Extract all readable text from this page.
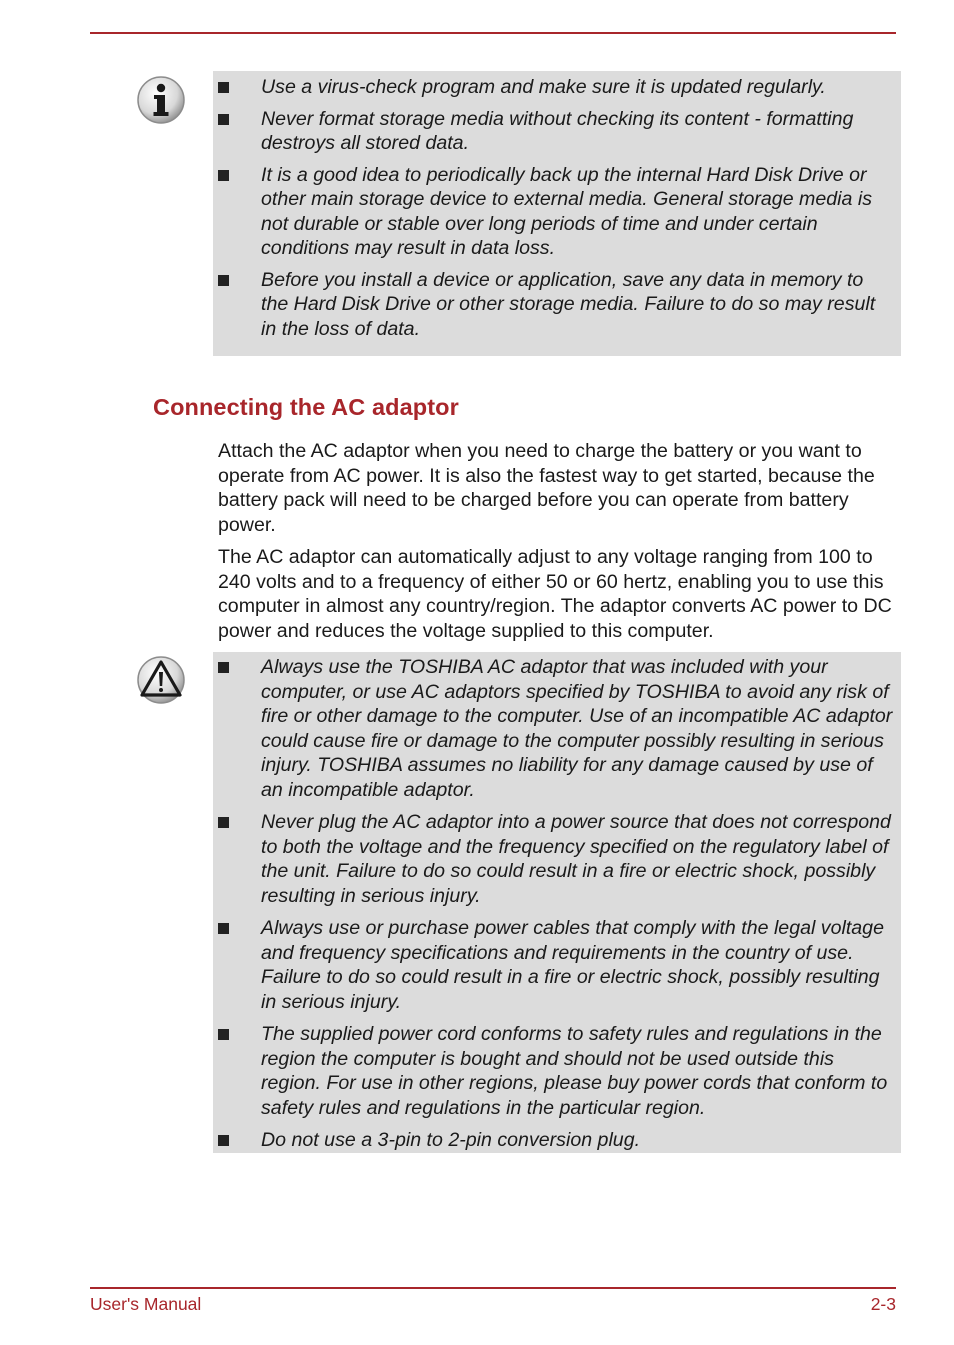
Use a virus-check program and make sure it is updated regularly.
Never format storage media without checking its content - formatting destroys all stored data.
It is a good idea to periodically back up the internal Hard Disk Drive or other main storage device to external media. General storage media is not durable or stable over long periods of time and under certain conditions may result in data loss.
Before you install a device or application, save any data in memory to the Hard Disk Drive or other storage media. Failure to do so may result in the loss of data.
Connecting the AC adaptor

Attach the AC adaptor when you need to charge the battery or you want to operate from AC power. It is also the fastest way to get started, because the battery pack will need to be charged before you can operate from battery power.

The AC adaptor can automatically adjust to any voltage ranging from 100 to 240 volts and to a frequency of either 50 or 60 hertz, enabling you to use this computer in almost any country/region. The adaptor converts AC power to DC power and reduces the voltage supplied to this computer.

Always use the TOSHIBA AC adaptor that was included with your computer, or use AC adaptors specified by TOSHIBA to avoid any risk of fire or other damage to the computer. Use of an incompatible AC adaptor could cause fire or damage to the computer possibly resulting in serious injury. TOSHIBA assumes no liability for any damage caused by use of an incompatible adaptor.
Never plug the AC adaptor into a power source that does not correspond to both the voltage and the frequency specified on the regulatory label of the unit. Failure to do so could result in a fire or electric shock, possibly resulting in serious injury.
Always use or purchase power cables that comply with the legal voltage and frequency specifications and requirements in the country of use. Failure to do so could result in a fire or electric shock, possibly resulting in serious injury.
The supplied power cord conforms to safety rules and regulations in the region the computer is bought and should not be used outside this region. For use in other regions, please buy power cords that conform to safety rules and regulations in the particular region.
Do not use a 3-pin to 2-pin conversion plug.
User's Manual	2-3
